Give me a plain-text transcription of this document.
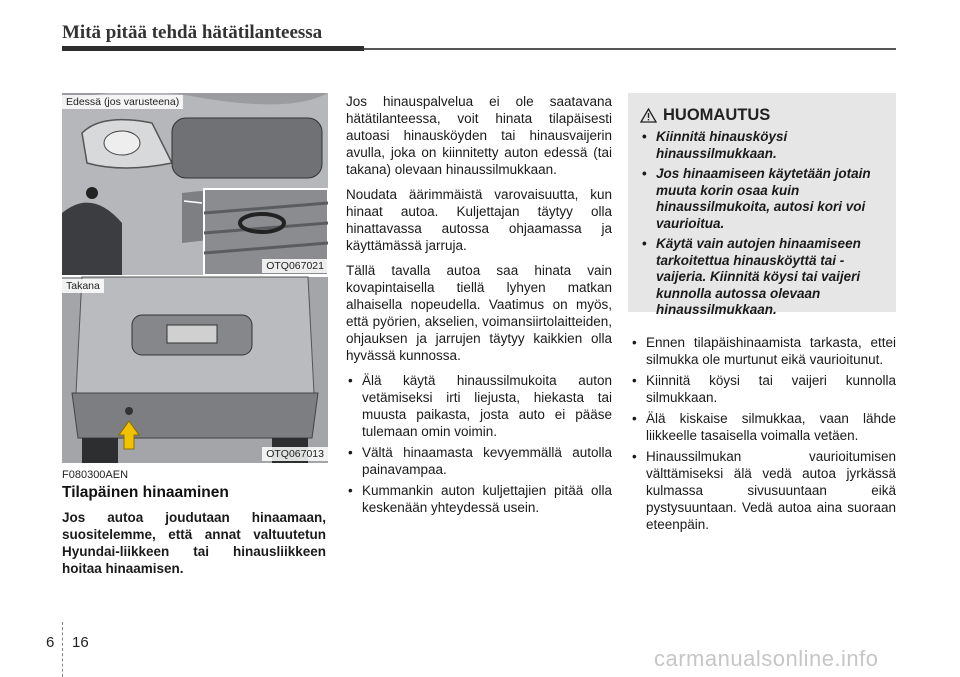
Mitä pitää tehdä hätätilanteessa
Edessä (jos varusteena)
OTQ067021
Takana
OTQ067013
F080300AEN
Tilapäinen hinaaminen
Jos autoa joudutaan hinaamaan, suositelemme, että annat valtuutetun Hyundai-liikkeen tai hinausliikkeen hoitaa hinaamisen.

Jos hinauspalvelua ei ole saatavana hätätilanteessa, voit hinata tilapäisesti autoasi hinausköyden tai hinausvaijerin avulla, joka on kiinnitetty auton edessä (tai takana) olevaan hinaussilmukkaan.

Noudata äärimmäistä varovaisuutta, kun hinaat autoa. Kuljettajan täytyy olla hinattavassa autossa ohjaamassa ja käyttämässä jarruja.

Tällä tavalla autoa saa hinata vain kovapintaisella tiellä lyhyen matkan alhaisella nopeudella. Vaatimus on myös, että pyörien, akselien, voimansiirtolaitteiden, ohjauksen ja jarrujen täytyy kaikkien olla hyvässä kunnossa.

• Älä käytä hinaussilmukoita auton vetämiseksi irti liejusta, hiekasta tai muusta paikasta, josta auto ei pääse tulemaan omin voimin.
• Vältä hinaamasta kevyemmällä autolla painavampaa.
• Kummankin auton kuljettajien pitää olla keskenään yhteydessä usein.
HUOMAUTUS
• Kiinnitä hinausköysi hinaussilmukkaan.
• Jos hinaamiseen käytetään jotain muuta korin osaa kuin hinaussilmukoita, autosi kori voi vaurioitua.
• Käytä vain autojen hinaamiseen tarkoitettua hinausköyttä tai -vaijeria. Kiinnitä köysi tai vaijeri kunnolla autossa olevaan hinaussilmukkaan.
• Ennen tilapäishinaamista tarkasta, ettei silmukka ole murtunut eikä vaurioitunut.
• Kiinnitä köysi tai vaijeri kunnolla silmukkaan.
• Älä kiskaise silmukkaa, vaan lähde liikkeelle tasaisella voimalla vetäen.
• Hinaussilmukan vaurioitumisen välttämiseksi älä vedä autoa jyrkässä kulmassa sivusuuntaan eikä pystysuuntaan. Vedä autoa aina suoraan eteenpäin.
6 16
carmanualsonline.info
